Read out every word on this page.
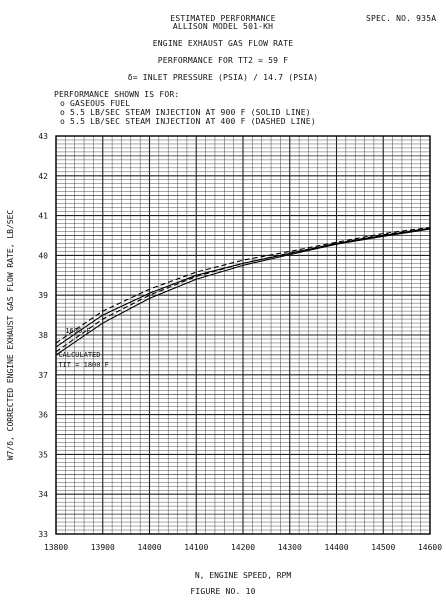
ESTIMATED PERFORMANCE
ALLISON MODEL 501-KH
SPEC. NO. 935A
ENGINE EXHAUST GAS FLOW RATE
PERFORMANCE FOR TT2 = 59 F
δ= INLET PRESSURE (PSIA) / 14.7 (PSIA)
PERFORMANCE SHOWN IS FOR:
o GASEOUS FUEL
o 5.5 LB/SEC STEAM INJECTION AT 900 F (SOLID LINE)
o 5.5 LB/SEC STEAM INJECTION AT 400 F (DASHED LINE)
13800	13900	14000	14100	14200	14300	14400	14500	14600
33
34
35
36
37
38
39
40
41
42
43
N, ENGINE SPEED, RPM
W7/δ, CORRECTED ENGINE EXHAUST GAS FLOW RATE, LB/SEC	1600 F
CALCULATED
TIT = 1800 F
FIGURE NO. 10
